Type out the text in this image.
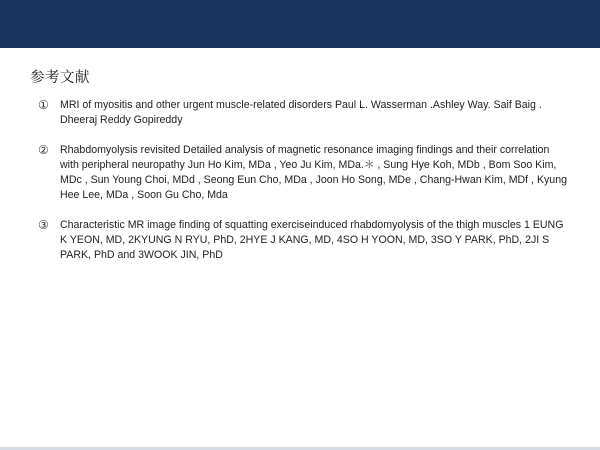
参考文献
①	MRI of myositis and other urgent muscle-related disorders Paul L. Wasserman .Ashley Way. Saif Baig . Dheeraj Reddy Gopireddy
②	Rhabdomyolysis revisited Detailed analysis of magnetic resonance imaging findings and their correlation with peripheral neuropathy Jun Ho Kim, MDa , Yeo Ju Kim, MDa.＊ , Sung Hye Koh, MDb , Bom Soo Kim, MDc , Sun Young Choi, MDd , Seong Eun Cho, MDa , Joon Ho Song, MDe , Chang-Hwan Kim, MDf , Kyung Hee Lee, MDa , Soon Gu Cho, Mda
③	Characteristic MR image finding of squatting exerciseinduced rhabdomyolysis of the thigh muscles 1 EUNG K YEON, MD, 2KYUNG N RYU, PhD, 2HYE J KANG, MD, 4SO H YOON, MD, 3SO Y PARK, PhD, 2JI S PARK, PhD and 3WOOK JIN, PhD
